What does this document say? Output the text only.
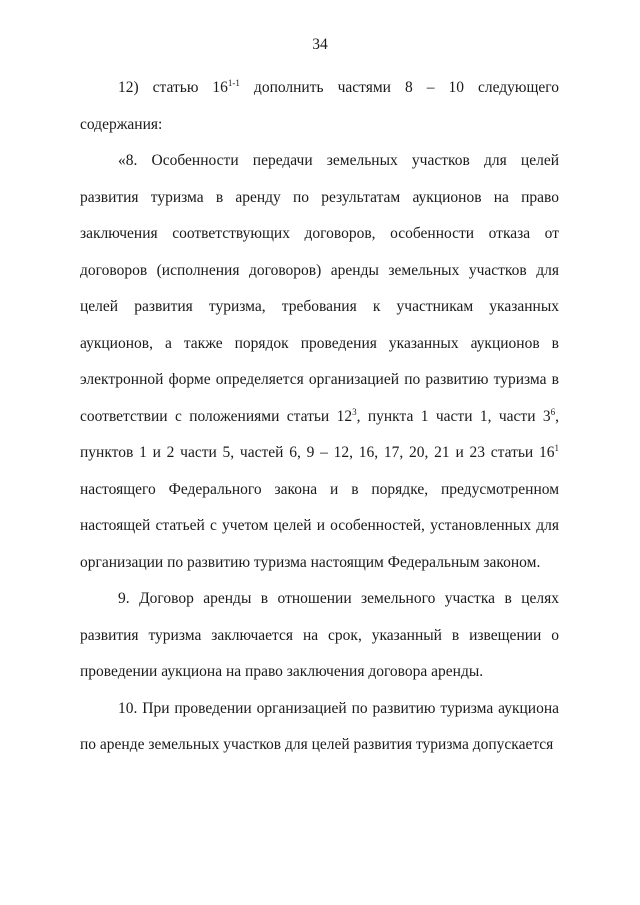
34

12) статью 16$^{1-1}$ дополнить частями 8 – 10 следующего содержания:

«8. Особенности передачи земельных участков для целей развития туризма в аренду по результатам аукционов на право заключения соответствующих договоров, особенности отказа от договоров (исполнения договоров) аренды земельных участков для целей развития туризма, требования к участникам указанных аукционов, а также порядок проведения указанных аукционов в электронной форме определяется организацией по развитию туризма в соответствии с положениями статьи $12^3$, пункта 1 части 1, части $3^6$, пунктов 1 и 2 части 5, частей 6, 9 – 12, 16, 17, 20, 21 и 23 статьи $16^1$ настоящего Федерального закона и в порядке, предусмотренном настоящей статьей с учетом целей и особенностей, установленных для организации по развитию туризма настоящим Федеральным законом.

9. Договор аренды в отношении земельного участка в целях развития туризма заключается на срок, указанный в извещении о проведении аукциона на право заключения договора аренды.

10. При проведении организацией по развитию туризма аукциона по аренде земельных участков для целей развития туризма допускается
